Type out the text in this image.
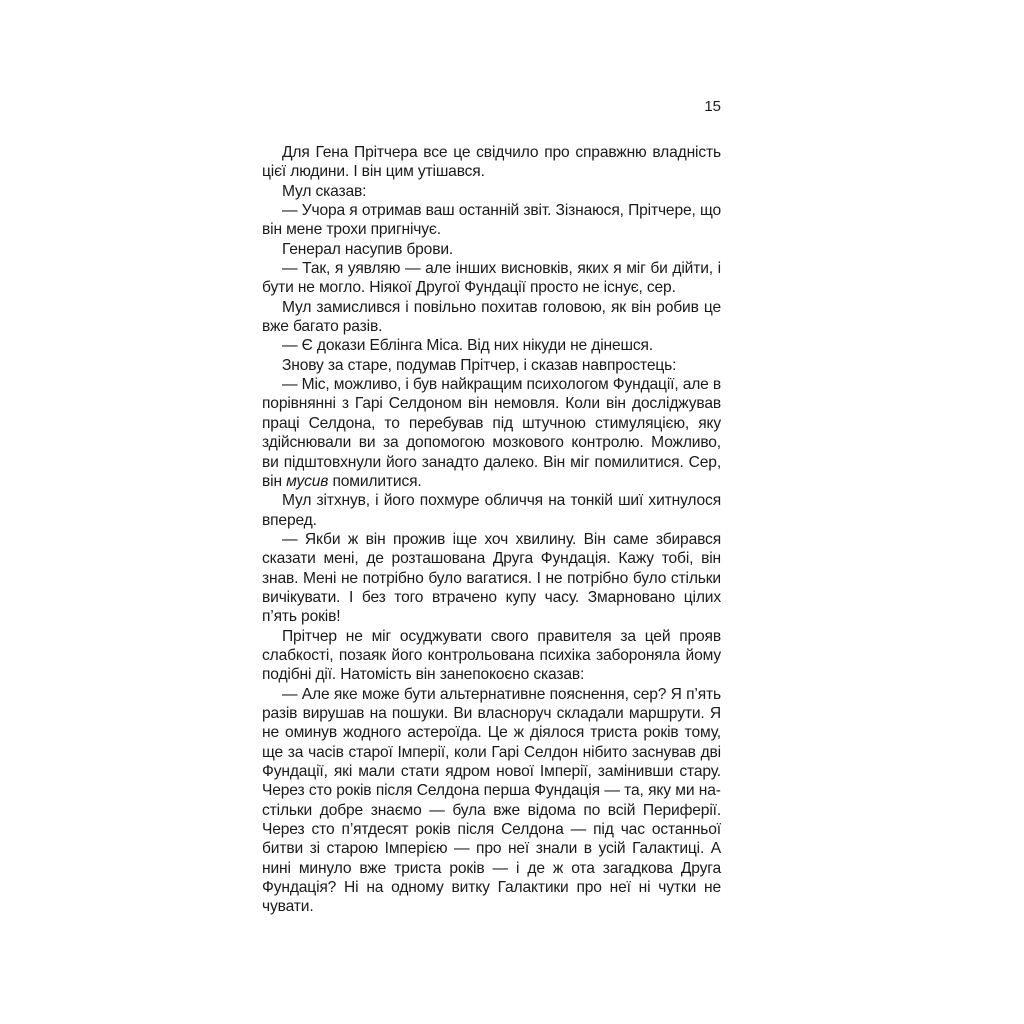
15

Для Гена Прітчера все це свідчило про справжню владність цієї людини. І він цим утішався.

Мул сказав:

— Учора я отримав ваш останній звіт. Зізнаюся, Прітчере, що він мене трохи пригнічує.

Генерал насупив брови.

— Так, я уявляю — але інших висновків, яких я міг би дійти, і бути не могло. Ніякої Другої Фундації просто не існує, сер.

Мул замислився і повільно похитав головою, як він робив це вже багато разів.

— Є докази Еблінга Міса. Від них нікуди не дінешся.

Знову за старе, подумав Прітчер, і сказав навпростець:

— Міс, можливо, і був найкращим психологом Фундації, але в порівнянні з Гарі Селдоном він немовля. Коли він досліджував праці Селдона, то перебував під штучною стимуляцією, яку здійснювали ви за допомогою мозкового контролю. Можливо, ви підштовхнули його занадто далеко. Він міг помилитися. Сер, він мусив помилитися.

Мул зітхнув, і його похмуре обличчя на тонкій шиї хитнулося вперед.

— Якби ж він прожив іще хоч хвилину. Він саме збирався сказати мені, де розташована Друга Фундація. Кажу тобі, він знав. Мені не потрібно було вагатися. І не потрібно було стільки вичікувати. І без того втрачено купу часу. Змарновано цілих п’ять років!

Прітчер не міг осуджувати свого правителя за цей прояв слабкості, позаяк його контрольована психіка забороняла йому подібні дії. Натомість він занепокоєно сказав:

— Але яке може бути альтернативне пояснення, сер? Я п’ять разів вирушав на пошуки. Ви власноруч складали маршрути. Я не оминув жодного астероїда. Це ж діялося триста років тому, ще за часів старої Імперії, коли Гарі Селдон нібито заснував дві Фундації, які мали стати ядром нової Імперії, замінивши стару. Через сто років після Селдона перша Фундація — та, яку ми настільки добре знаємо — була вже відома по всій Периферії. Через сто п’ятдесят років після Селдона — під час останньої битви зі старою Імперією — про неї знали в усій Галактиці. А нині минуло вже триста років — і де ж ота загадкова Друга Фундація? Ні на одному витку Галактики про неї ні чутки не чувати.
